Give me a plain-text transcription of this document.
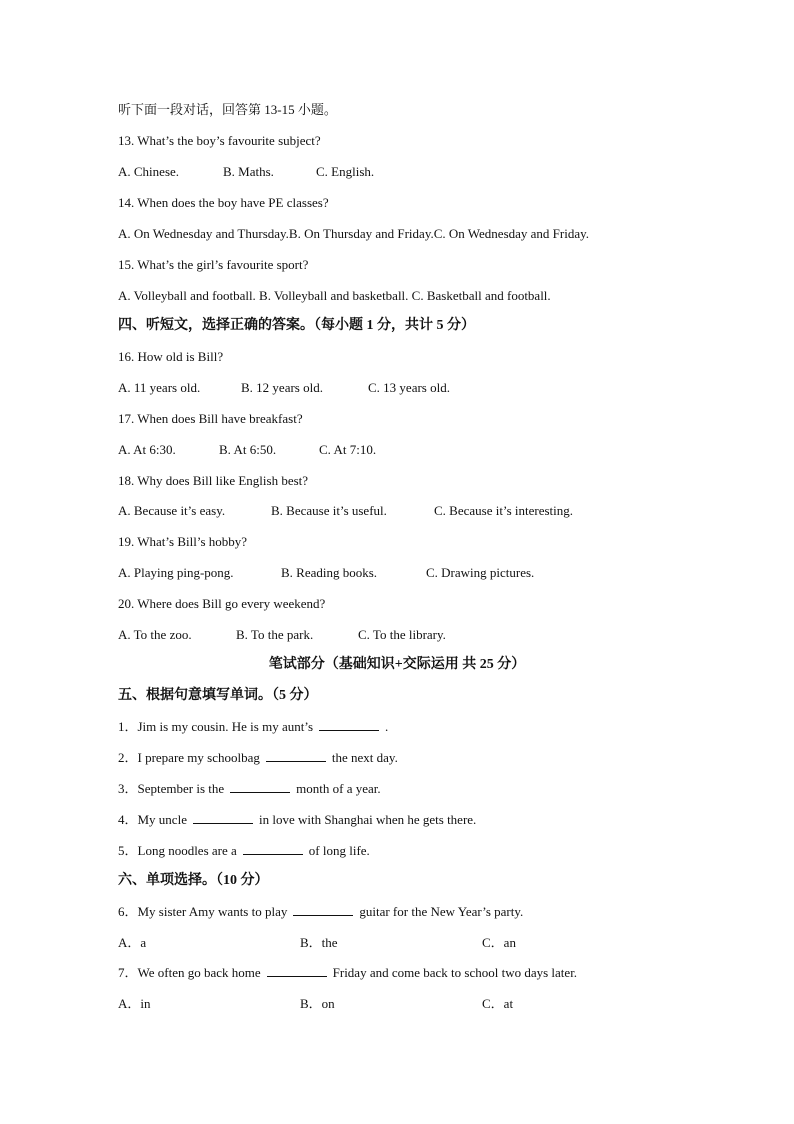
听下面一段对话，回答第 13-15 小题。
13. What’s the boy’s favourite subject?
A. Chinese.	B. Maths.	C. English.
14. When does the boy have PE classes?
A. On Wednesday and Thursday.B. On Thursday and Friday.C. On Wednesday and Friday.
15. What’s the girl’s favourite sport?
A. Volleyball and football. B. Volleyball and basketball. C. Basketball and football.
四、听短文，选择正确的答案。（每小题 1 分，共计 5 分）
16. How old is Bill?
A. 11 years old.	B. 12 years old.	C. 13 years old.
17. When does Bill have breakfast?
A. At 6:30.	B. At 6:50.	C. At 7:10.
18. Why does Bill like English best?
A. Because it’s easy.	B. Because it’s useful.	C. Because it’s interesting.
19. What’s Bill’s hobby?
A. Playing ping-pong.	B. Reading books.	C. Drawing pictures.
20. Where does Bill go every weekend?
A. To the zoo.	B. To the park.	C. To the library.
笔试部分（基础知识+交际运用 共 25 分）
五、根据句意填写单词。（5 分）
1．Jim is my cousin. He is my aunt’s	.
2．I prepare my schoolbag	the next day.
3．September is the	month of a year.
4．My uncle	in love with Shanghai when he gets there.
5．Long noodles are a	of long life.
六、单项选择。（10 分）
6．My sister Amy wants to play	guitar for the New Year’s party.
A．a	B．the	C．an
7．We often go back home	Friday and come back to school two days later.
A．in	B．on	C．at
